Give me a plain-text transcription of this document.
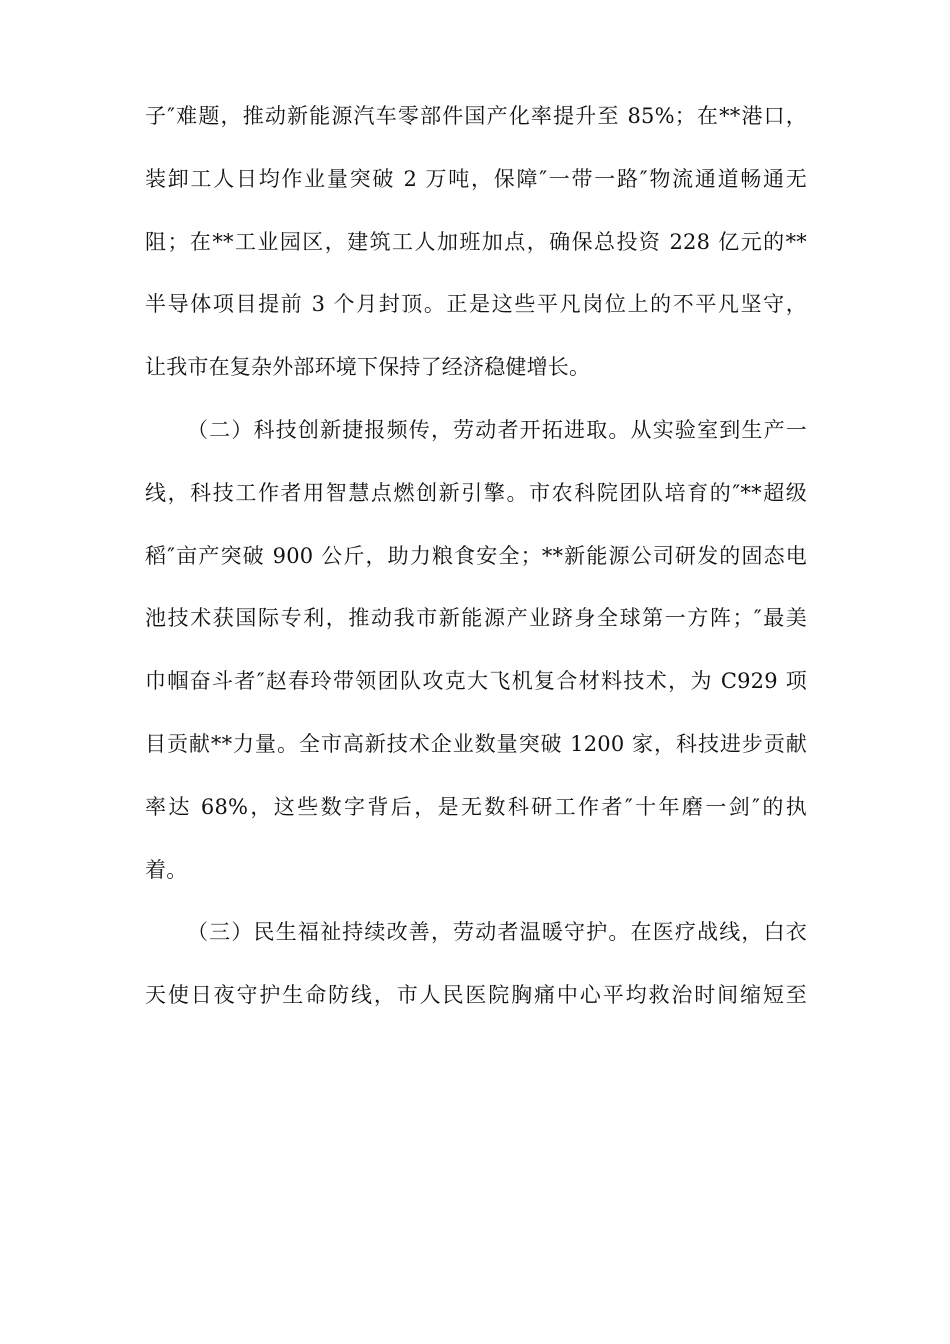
子″难题，推动新能源汽车零部件国产化率提升至 85%；在**港口，
装卸工人日均作业量突破 2 万吨，保障″一带一路″物流通道畅通无
阻；在**工业园区，建筑工人加班加点，确保总投资 228 亿元的**
半导体项目提前 3 个月封顶。正是这些平凡岗位上的不平凡坚守，
让我市在复杂外部环境下保持了经济稳健增长。
（二）科技创新捷报频传，劳动者开拓进取。从实验室到生产一
线，科技工作者用智慧点燃创新引擎。市农科院团队培育的″**超级
稻″亩产突破 900 公斤，助力粮食安全；**新能源公司研发的固态电
池技术获国际专利，推动我市新能源产业跻身全球第一方阵；″最美
巾帼奋斗者″赵春玲带领团队攻克大飞机复合材料技术，为 C929 项
目贡献**力量。全市高新技术企业数量突破 1200 家，科技进步贡献
率达 68%，这些数字背后，是无数科研工作者″十年磨一剑″的执
着。
（三）民生福祉持续改善，劳动者温暖守护。在医疗战线，白衣
天使日夜守护生命防线，市人民医院胸痛中心平均救治时间缩短至
